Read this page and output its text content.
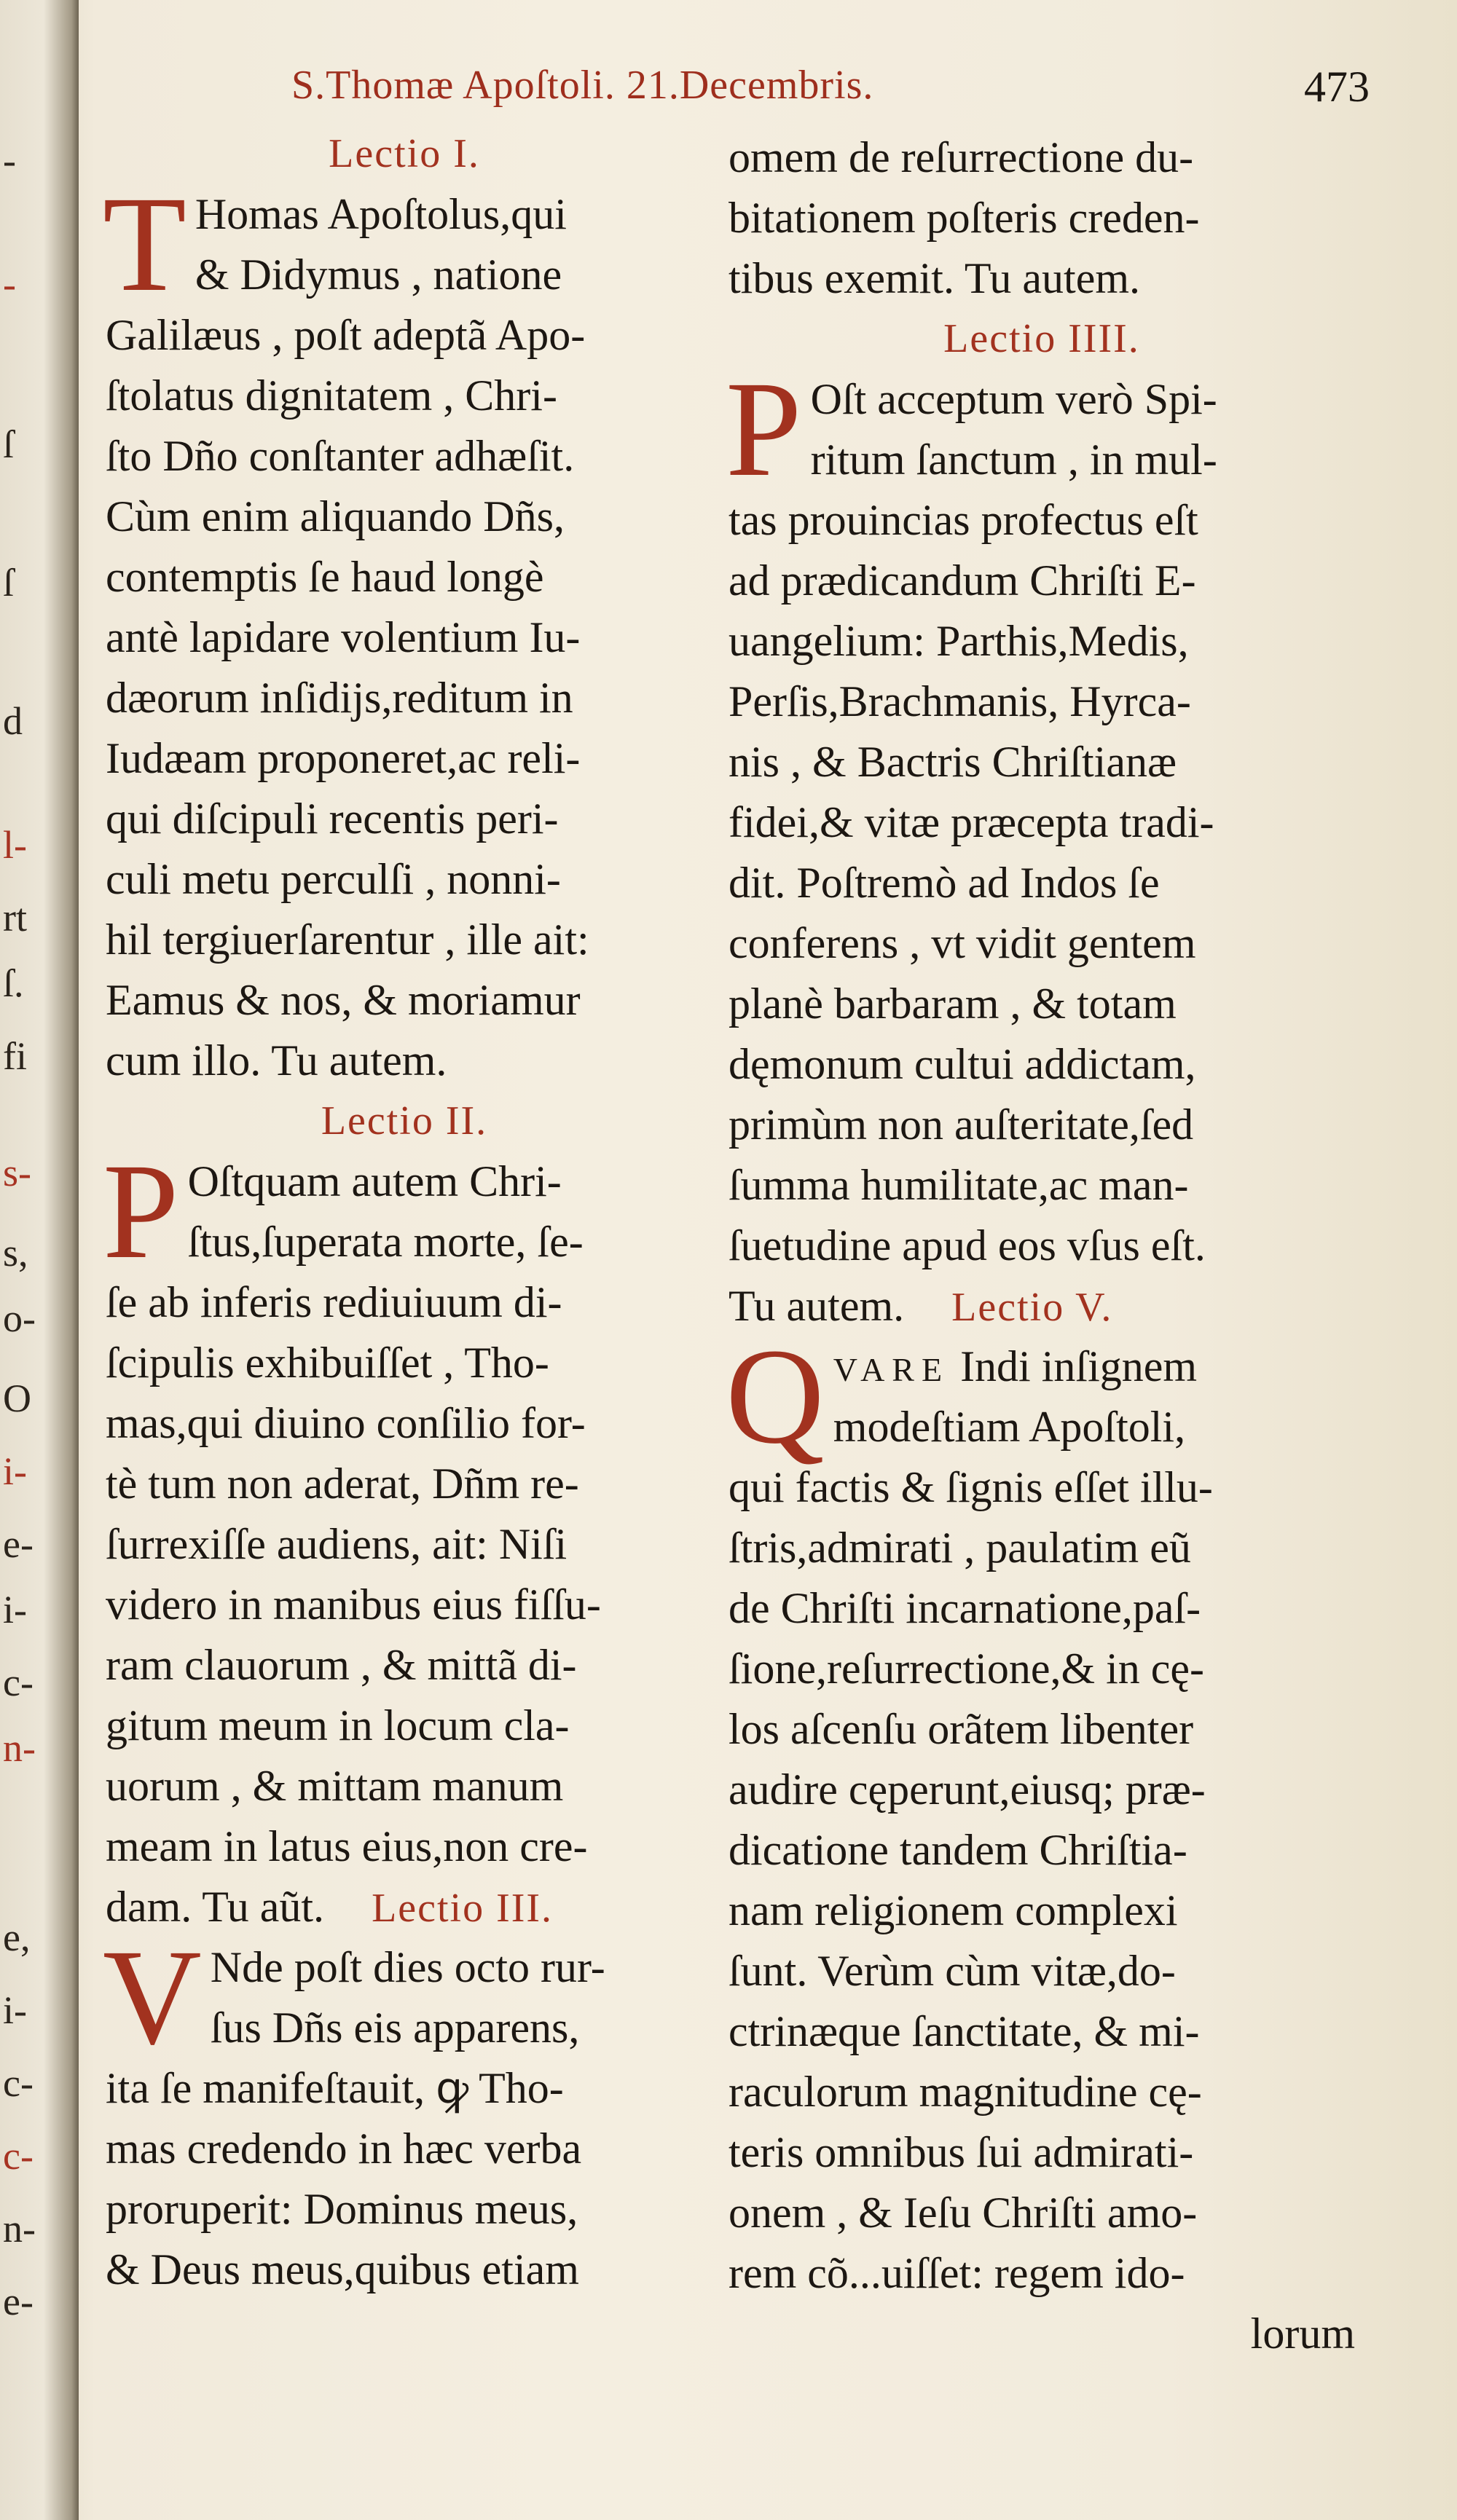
-
-
ſ
ſ
d
l-
rt
ſ.
fi
s-
s,
o-
O
i-
e-
i-
c-
n-
e,
i-
c-
c-
n-
e-
S.Thomæ Apoſtoli. 21.Decembris.	473
Lectio I.
T Homas Apoſtolus,qui
& Didymus , natione
Galilæus , poſt adeptã Apo-
ſtolatus dignitatem , Chri-
ſto Dño conſtanter adhæſit.
Cùm enim aliquando Dñs,
contemptis ſe haud longè
antè lapidare volentium Iu-
dæorum inſidijs,reditum in
Iudæam proponeret,ac reli-
qui diſcipuli recentis peri-
culi metu perculſi , nonni-
hil tergiuerſarentur , ille ait:
Eamus & nos, & moriamur
cum illo. Tu autem.
Lectio II.
P Oſtquam autem Chri-
ſtus,ſuperata morte, ſe-
ſe ab inferis rediuiuum di-
ſcipulis exhibuiſſet , Tho-
mas,qui diuino conſilio for-
tè tum non aderat, Dñm re-
ſurrexiſſe audiens, ait: Niſi
videro in manibus eius fiſſu-
ram clauorum , & mittã di-
gitum meum in locum cla-
uorum , & mittam manum
meam in latus eius,non cre-
dam. Tu aũt. Lectio III.
V Nde poſt dies octo rur-
ſus Dñs eis apparens,
ita ſe manifeſtauit, ꝙ Tho-
mas credendo in hæc verba
proruperit: Dominus meus,
& Deus meus,quibus etiam
omem de reſurrectione du-
bitationem poſteris creden-
tibus exemit. Tu autem.
Lectio IIII.
P Oſt acceptum verò Spi-
ritum ſanctum , in mul-
tas prouincias profectus eſt
ad prædicandum Chriſti E-
uangelium: Parthis,Medis,
Perſis,Brachmanis, Hyrca-
nis , & Bactris Chriſtianæ
fidei,& vitæ præcepta tradi-
dit. Poſtremò ad Indos ſe
conferens , vt vidit gentem
planè barbaram , & totam
dęmonum cultui addictam,
primùm non auſteritate,ſed
ſumma humilitate,ac man-
ſuetudine apud eos vſus eſt.
Tu autem. Lectio V.
Q VARE Indi inſignem
modeſtiam Apoſtoli,
qui factis & ſignis eſſet illu-
ſtris,admirati , paulatim eũ
de Chriſti incarnatione,paſ-
ſione,reſurrectione,& in cę-
los aſcenſu orãtem libenter
audire cęperunt,eiusq; præ-
dicatione tandem Chriſtia-
nam religionem complexi
ſunt. Verùm cùm vitæ,do-
ctrinæque ſanctitate, & mi-
raculorum magnitudine cę-
teris omnibus ſui admirati-
onem , & Ieſu Chriſti amo-
rem cõ...uiſſet: regem ido-
lorum
